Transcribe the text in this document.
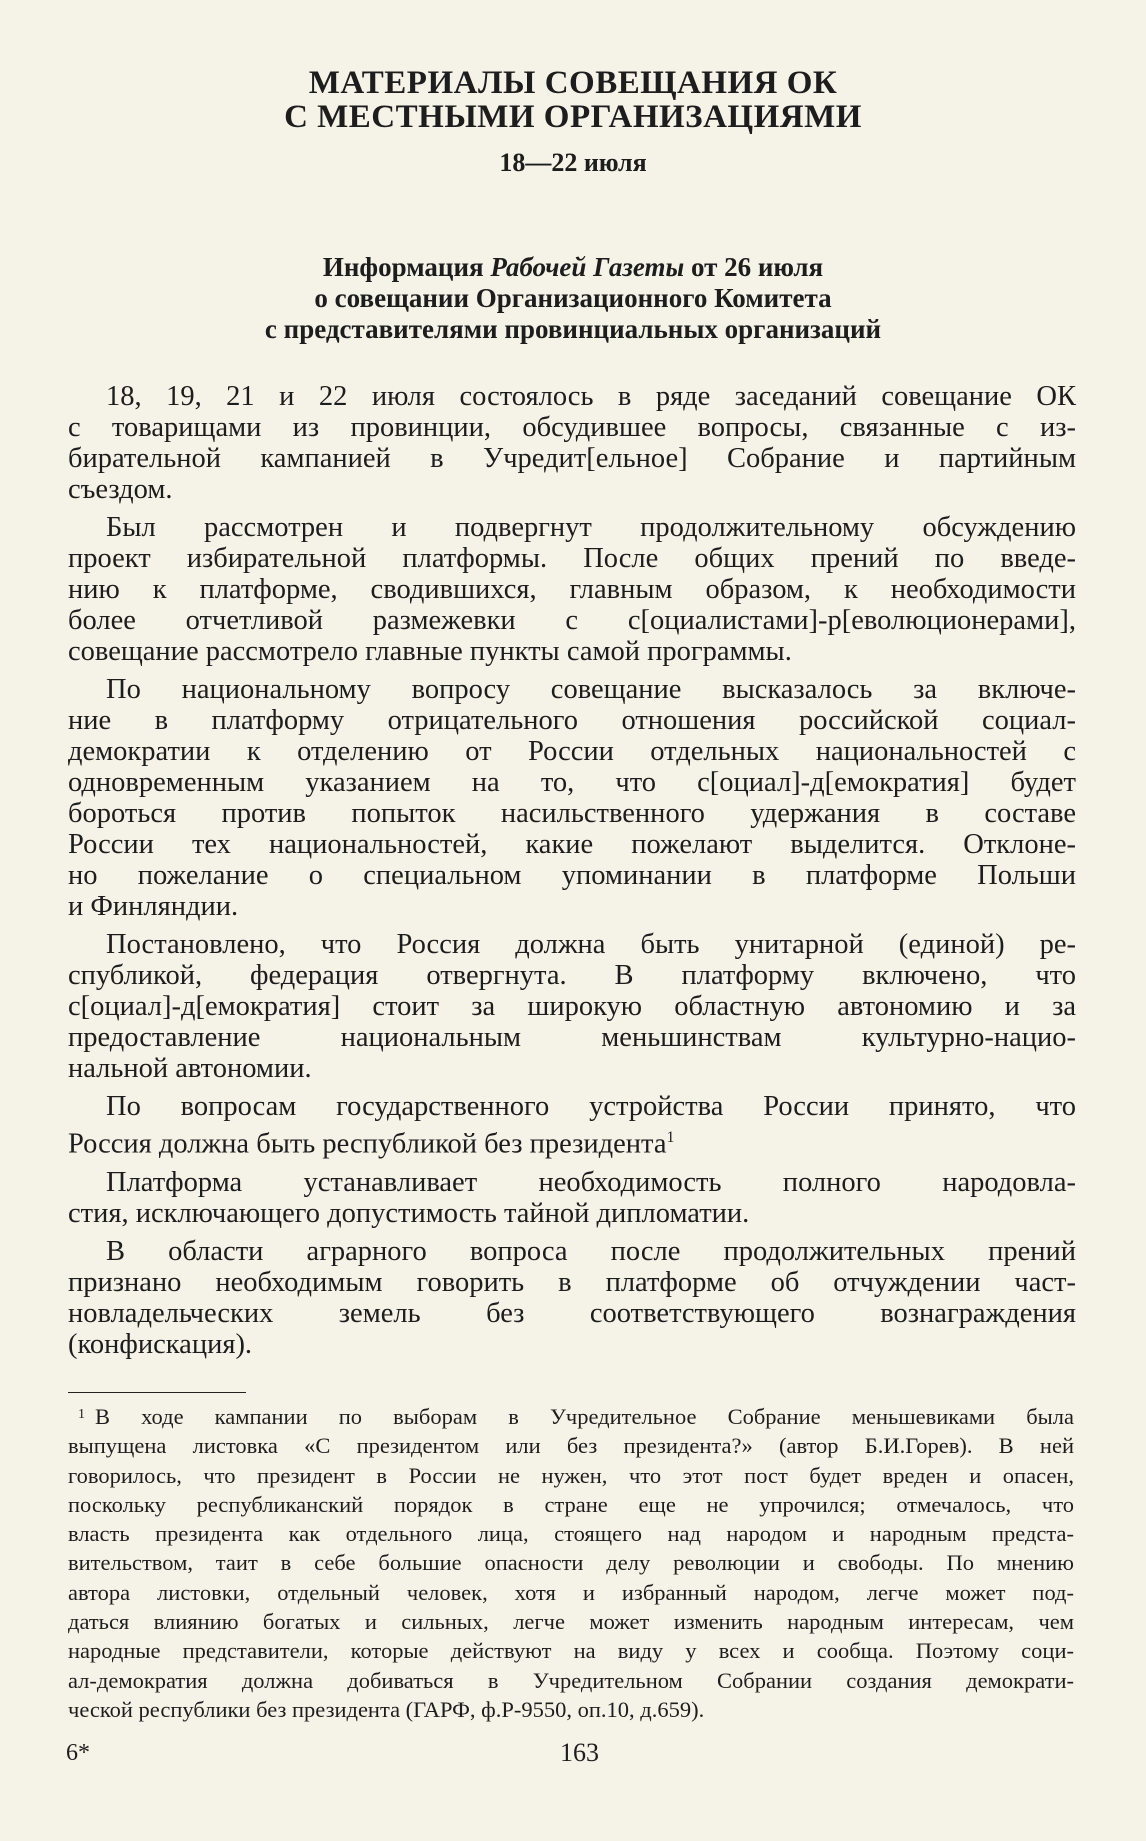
МАТЕРИАЛЫ СОВЕЩАНИЯ ОК
С МЕСТНЫМИ ОРГАНИЗАЦИЯМИ
18—22 июля
Информация Рабочей Газеты от 26 июля
о совещании Организационного Комитета
с представителями провинциальных организаций
18, 19, 21 и 22 июля состоялось в ряде заседаний совещание ОК
с товарищами из провинции, обсудившее вопросы, связанные с из-
бирательной кампанией в Учредит[ельное] Собрание и партийным
съездом.
Был рассмотрен и подвергнут продолжительному обсуждению
проект избирательной платформы. После общих прений по введе-
нию к платформе, сводившихся, главным образом, к необходимости
более отчетливой размежевки с с[оциалистами]-р[еволюционерами],
совещание рассмотрело главные пункты самой программы.
По национальному вопросу совещание высказалось за включе-
ние в платформу отрицательного отношения российской социал-
демократии к отделению от России отдельных национальностей с
одновременным указанием на то, что с[оциал]-д[емократия] будет
бороться против попыток насильственного удержания в составе
России тех национальностей, какие пожелают выделится. Отклоне-
но пожелание о специальном упоминании в платформе Польши
и Финляндии.
Постановлено, что Россия должна быть унитарной (единой) ре-
спубликой, федерация отвергнута. В платформу включено, что
с[оциал]-д[емократия] стоит за широкую областную автономию и за
предоставление национальным меньшинствам культурно-нацио-
нальной автономии.
По вопросам государственного устройства России принято, что
Россия должна быть республикой без президента$^1$
Платформа устанавливает необходимость полного народовла-
стия, исключающего допустимость тайной дипломатии.
В области аграрного вопроса после продолжительных прений
признано необходимым говорить в платформе об отчуждении част-
новладельческих земель без соответствующего вознаграждения
(конфискация).
$^1$ В ходе кампании по выборам в Учредительное Собрание меньшевиками была
выпущена листовка «С президентом или без президента?» (автор Б.И.Горев). В ней
говорилось, что президент в России не нужен, что этот пост будет вреден и опасен,
поскольку республиканский порядок в стране еще не упрочился; отмечалось, что
власть президента как отдельного лица, стоящего над народом и народным предста-
вительством, таит в себе большие опасности делу революции и свободы. По мнению
автора листовки, отдельный человек, хотя и избранный народом, легче может под-
даться влиянию богатых и сильных, легче может изменить народным интересам, чем
народные представители, которые действуют на виду у всех и сообща. Поэтому соци-
ал-демократия должна добиваться в Учредительном Собрании создания демократи-
ческой республики без президента (ГАРФ, ф.Р-9550, оп.10, д.659).
6*	163
